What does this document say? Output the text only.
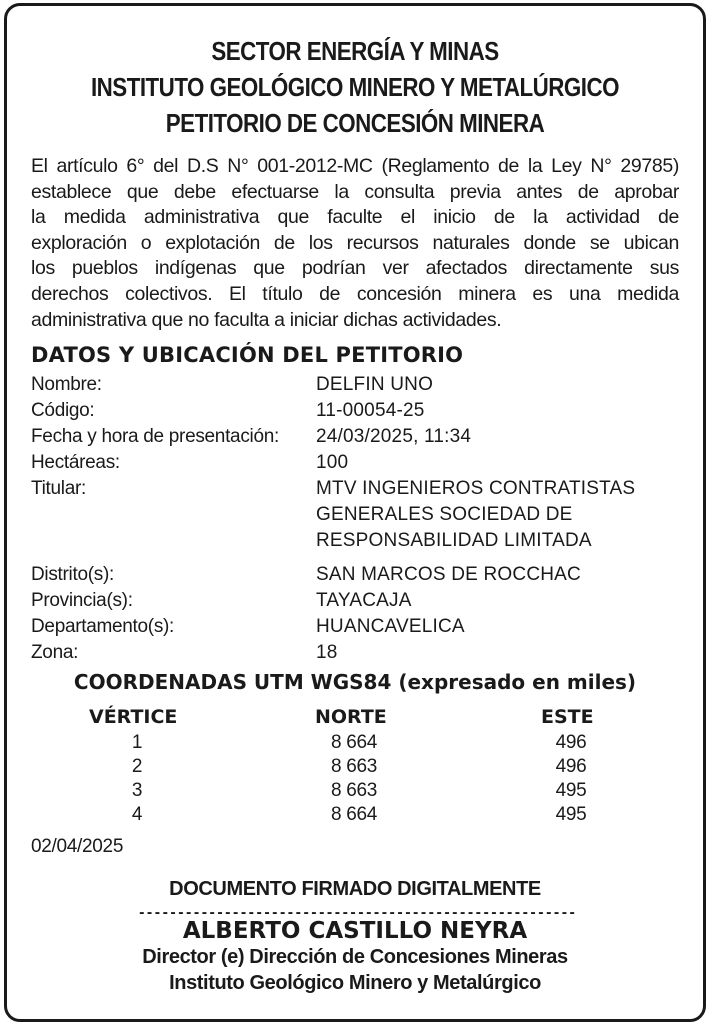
SECTOR ENERGÍA Y MINAS
INSTITUTO GEOLÓGICO MINERO Y METALÚRGICO
PETITORIO DE CONCESIÓN MINERA
El artículo 6° del D.S N° 001-2012-MC (Reglamento de la Ley N° 29785)
establece que debe efectuarse la consulta previa antes de aprobar
la medida administrativa que faculte el inicio de la actividad de
exploración o explotación de los recursos naturales donde se ubican
los pueblos indígenas que podrían ver afectados directamente sus
derechos colectivos. El título de concesión minera es una medida
administrativa que no faculta a iniciar dichas actividades.
DATOS Y UBICACIÓN DEL PETITORIO
Nombre:	DELFIN UNO
Código:	11-00054-25
Fecha y hora de presentación: 24/03/2025, 11:34
Hectáreas:	100
Titular:	MTV INGENIEROS CONTRATISTAS
GENERALES SOCIEDAD DE
RESPONSABILIDAD LIMITADA
Distrito(s):	SAN MARCOS DE ROCCHAC
Provincia(s):	TAYACAJA
Departamento(s):	HUANCAVELICA
Zona:	18
COORDENADAS UTM WGS84 (expresado en miles)
VÉRTICE	NORTE	ESTE
1	8 664	496
2	8 663	496
3	8 663	495
4	8 664	495
02/04/2025
DOCUMENTO FIRMADO DIGITALMENTE
--------------------------------------------------------
ALBERTO CASTILLO NEYRA
Director (e) Dirección de Concesiones Mineras
Instituto Geológico Minero y Metalúrgico
